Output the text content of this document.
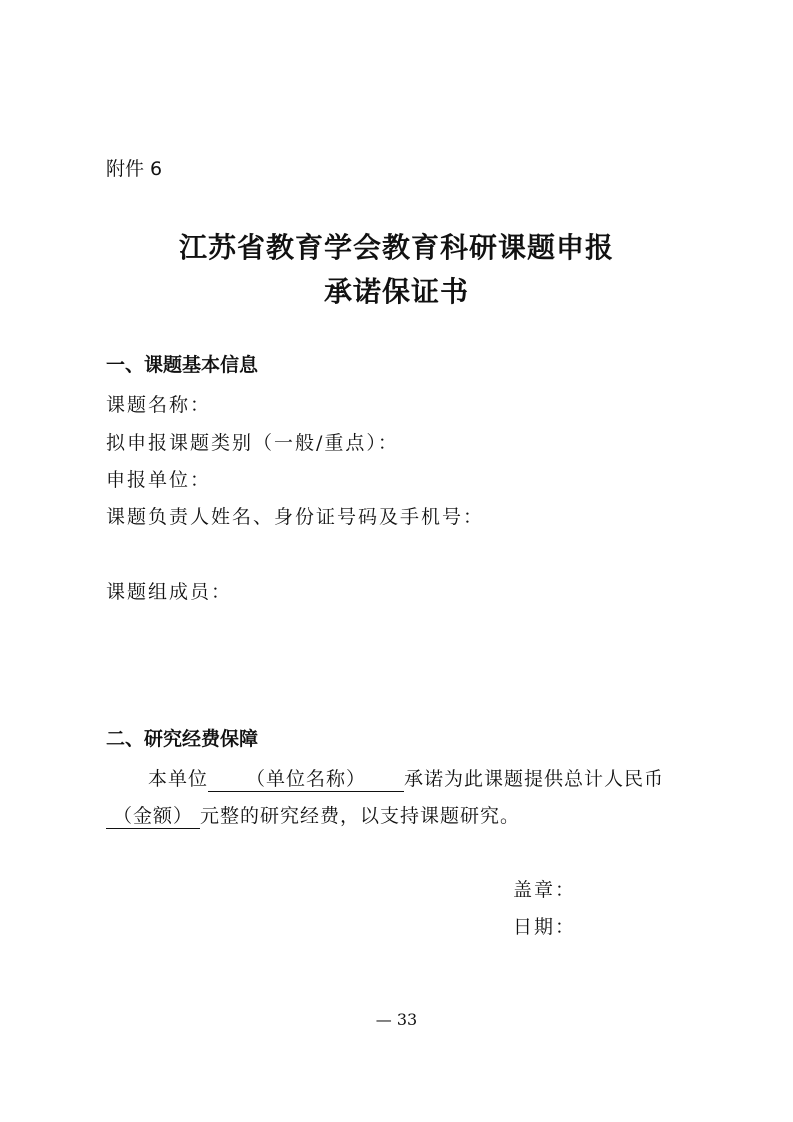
附件 6
江苏省教育学会教育科研课题申报
承诺保证书
一、课题基本信息
课题名称：
拟申报课题类别（一般/重点）：
申报单位：
课题负责人姓名、身份证号码及手机号：
课题组成员：
二、研究经费保障
本单位 （单位名称） 承诺为此课题提供总计人民币
（金额） 元整的研究经费，以支持课题研究。
盖章：
日期：
— 33
